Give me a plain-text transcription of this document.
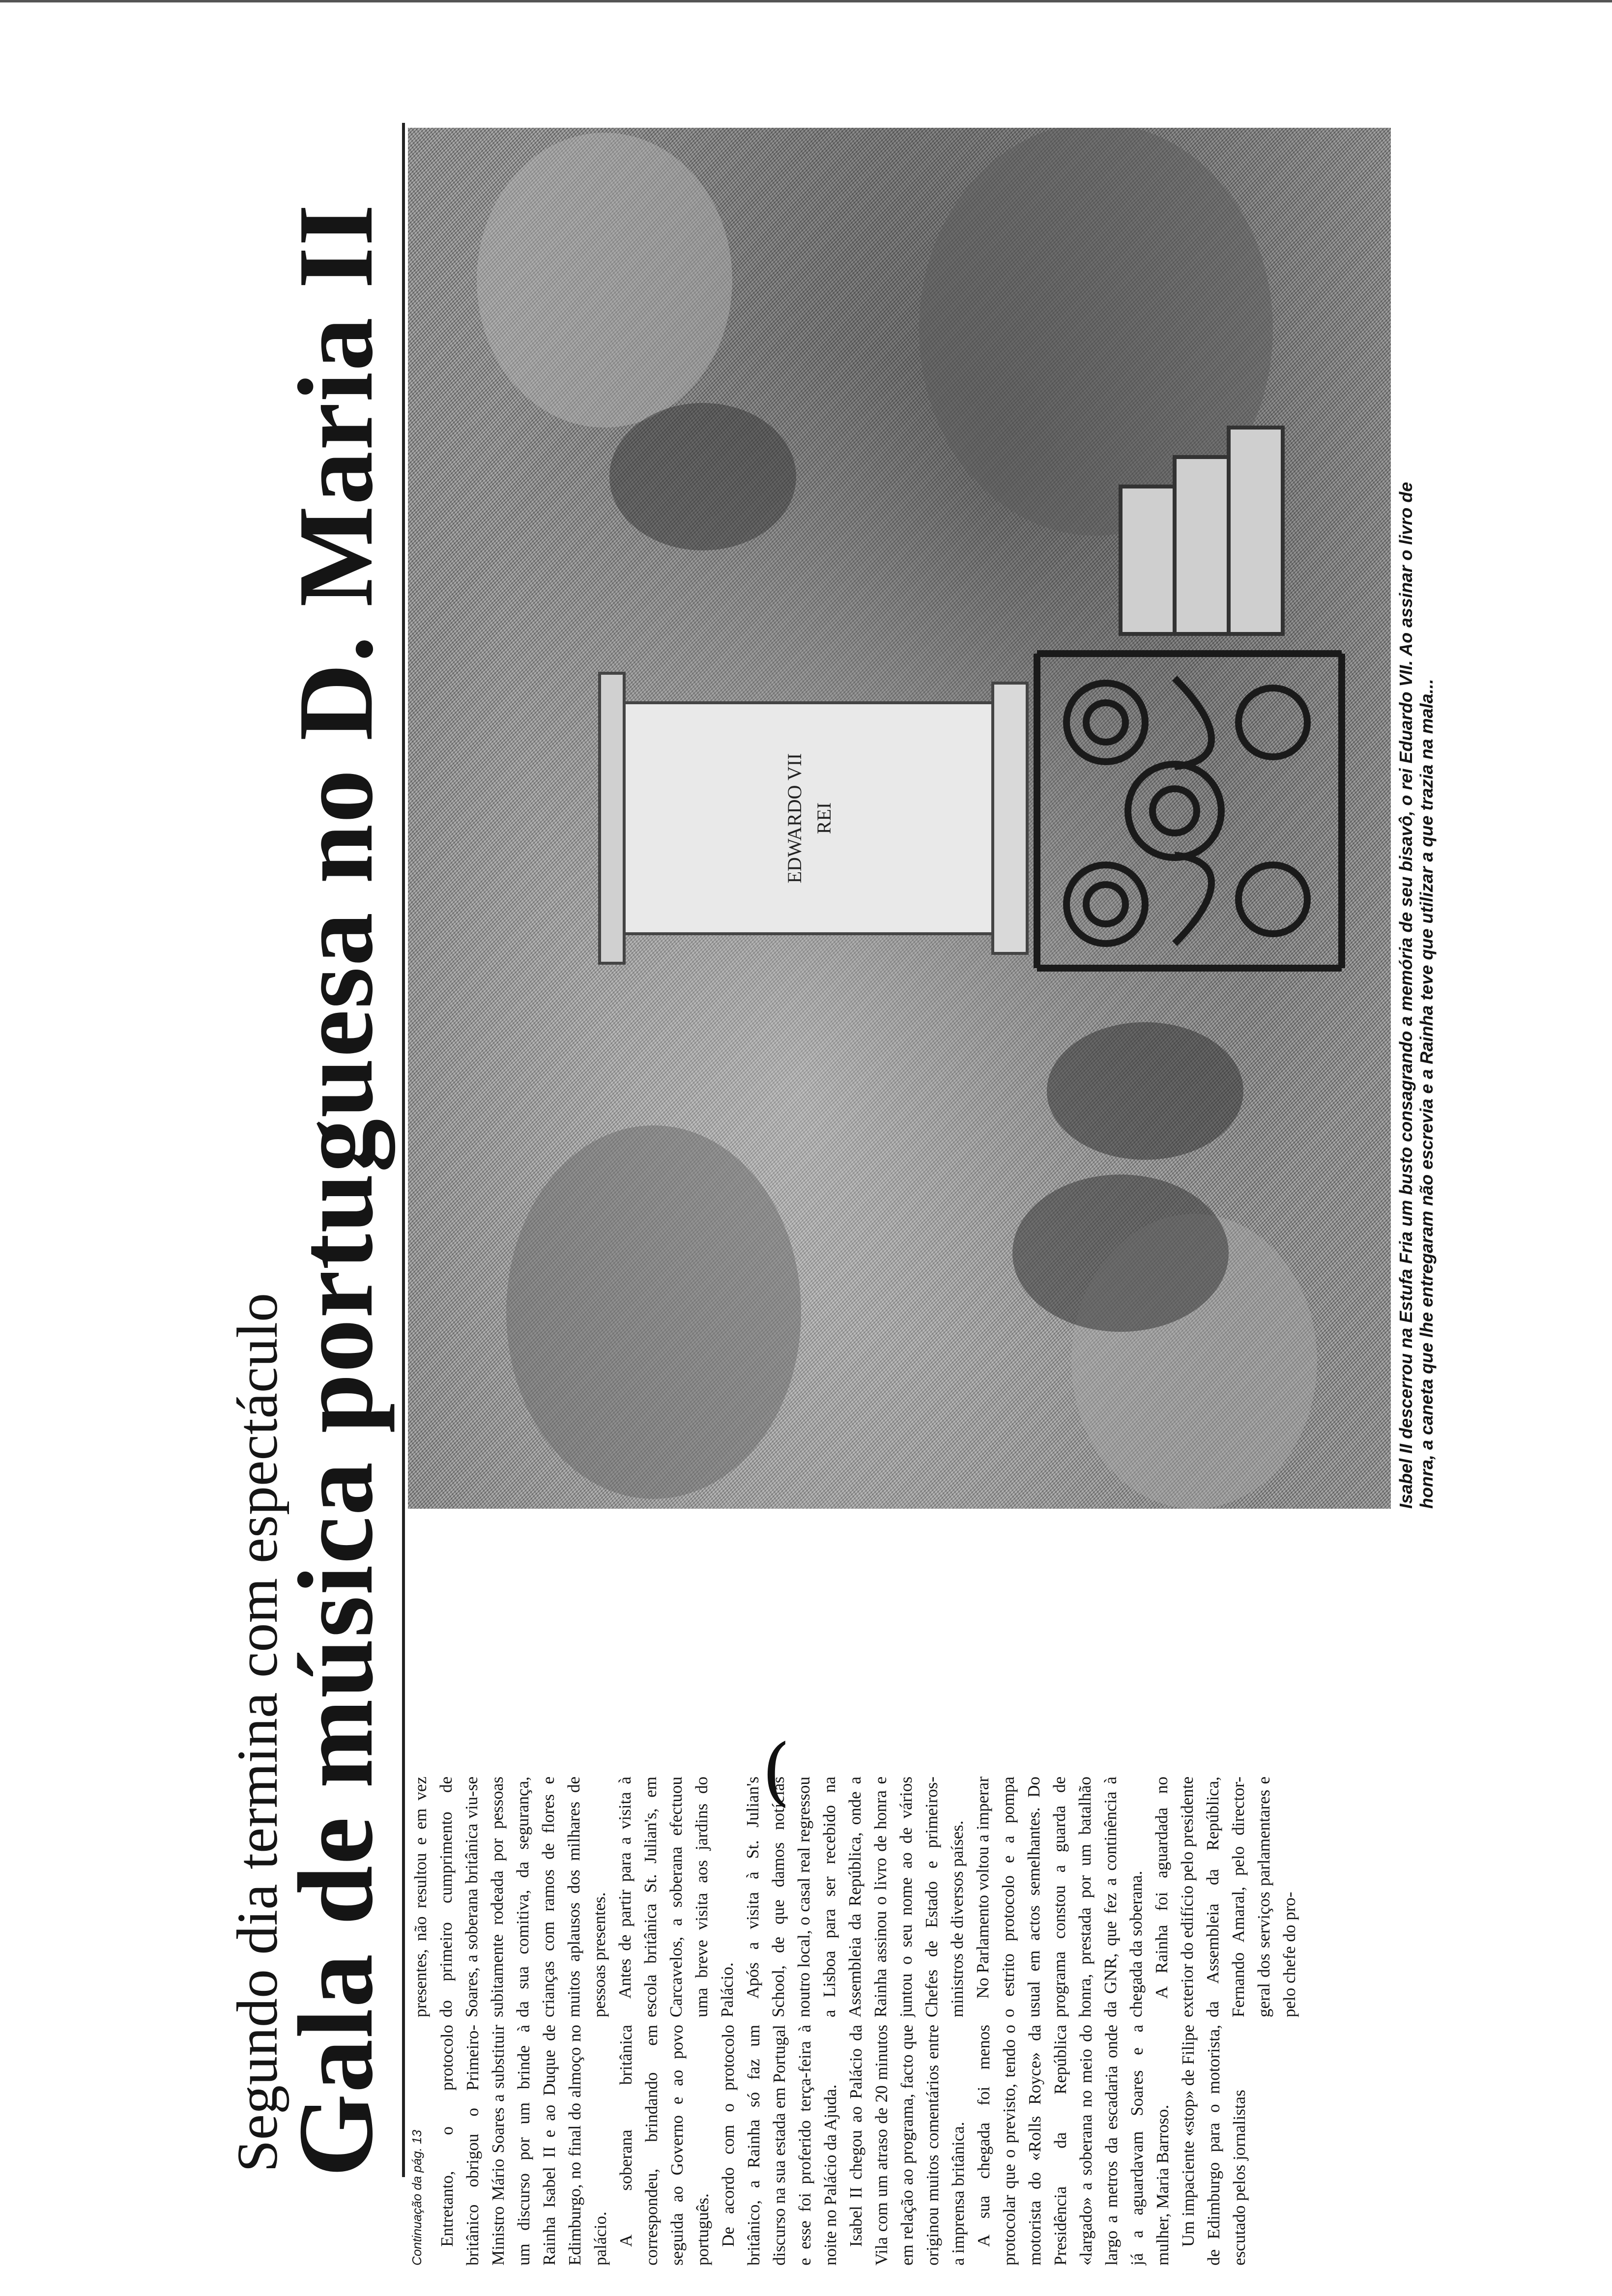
(
Segundo dia termina com espectáculo
Gala de música portuguesa no D. Maria II
Continuação da pág. 13 Entretanto, o protocolo britânico obrigou o Primeiro-Ministro Mário Soares a substituir um discurso por um brinde à Rainha Isabel II e ao Duque de Edimburgo, no final do almoço no palácio. A soberana britânica correspondeu, brindando em seguida ao Governo e ao povo português. De acordo com o protocolo britânico, a Rainha só faz um discurso na sua estada em Portugal e esse foi proferido terça-feira à noite no Palácio da Ajuda. Isabel II chegou ao Palácio da Vila com um atraso de 20 minutos em relação ao programa, facto que originou muitos comentários entre a imprensa britânica. A sua chegada foi menos protocolar que o previsto, tendo o motorista do «Rolls Royce» da Presidência da República «largado» a soberana no meio do largo a metros da escadaria onde já a aguardavam Soares e a mulher, Maria Barroso. Um impaciente «stop» de Filipe de Edimburgo para o motorista, escutado pelos jornalistas

presentes, não resultou e em vez do primeiro cumprimento de Soares, a soberana britânica viu-se subitamente rodeada por pessoas da sua comitiva, da segurança, crianças com ramos de flores e muitos aplausos dos milhares de pessoas presentes. Antes de partir para a visita à escola britânica St. Julian's, em Carcavelos, a soberana efectuou uma breve visita aos jardins do Palácio. Após a visita à St. Julian's School, de que damos notícias noutro local, o casal real regressou a Lisboa para ser recebido na Assembleia da República, onde a Rainha assinou o livro de honra e juntou o seu nome ao de vários Chefes de Estado e primeiros-ministros de diversos países. No Parlamento voltou a imperar o estrito protocolo e a pompa usual em actos semelhantes. Do programa constou a guarda de honra, prestada por um batalhão da GNR, que fez a continência à chegada da soberana. A Rainha foi aguardada no exterior do edifício pelo presidente da Assembleia da República, Fernando Amaral, pelo director-geral dos serviços parlamentares e pelo chefe do pro-

EDWARDO VII REI	Isabel II descerrou na Estufa Fria um busto consagrando a memória de seu bisavô, o rei Eduardo VII. Ao assinar o livro de honra, a caneta que lhe entregaram não escrevia e a Rainha teve que utilizar a que trazia na mala...
